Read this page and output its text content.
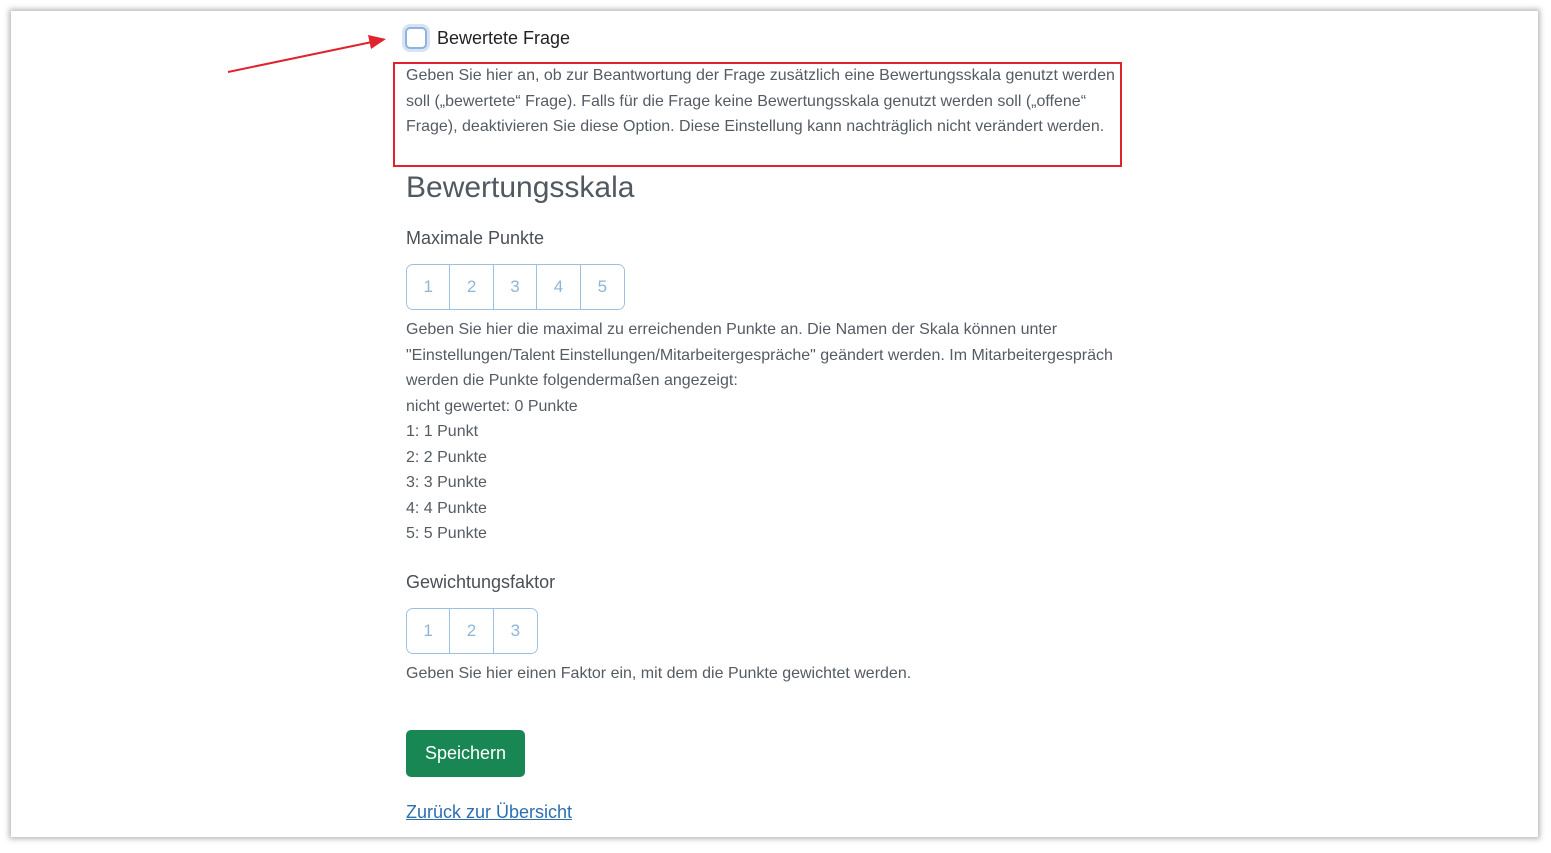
Bewertete Frage
Geben Sie hier an, ob zur Beantwortung der Frage zusätzlich eine Bewertungsskala genutzt werden soll („bewertete“ Frage). Falls für die Frage keine Bewertungsskala genutzt werden soll („offene“ Frage), deaktivieren Sie diese Option. Diese Einstellung kann nachträglich nicht verändert werden.
Bewertungsskala
Maximale Punkte
1	2	3	4	5
Geben Sie hier die maximal zu erreichenden Punkte an. Die Namen der Skala können unter "Einstellungen/Talent Einstellungen/Mitarbeitergespräche" geändert werden. Im Mitarbeitergespräch werden die Punkte folgendermaßen angezeigt:
nicht gewertet: 0 Punkte
1: 1 Punkt
2: 2 Punkte
3: 3 Punkte
4: 4 Punkte
5: 5 Punkte
Gewichtungsfaktor
1	2	3
Geben Sie hier einen Faktor ein, mit dem die Punkte gewichtet werden.
Speichern
Zurück zur Übersicht
